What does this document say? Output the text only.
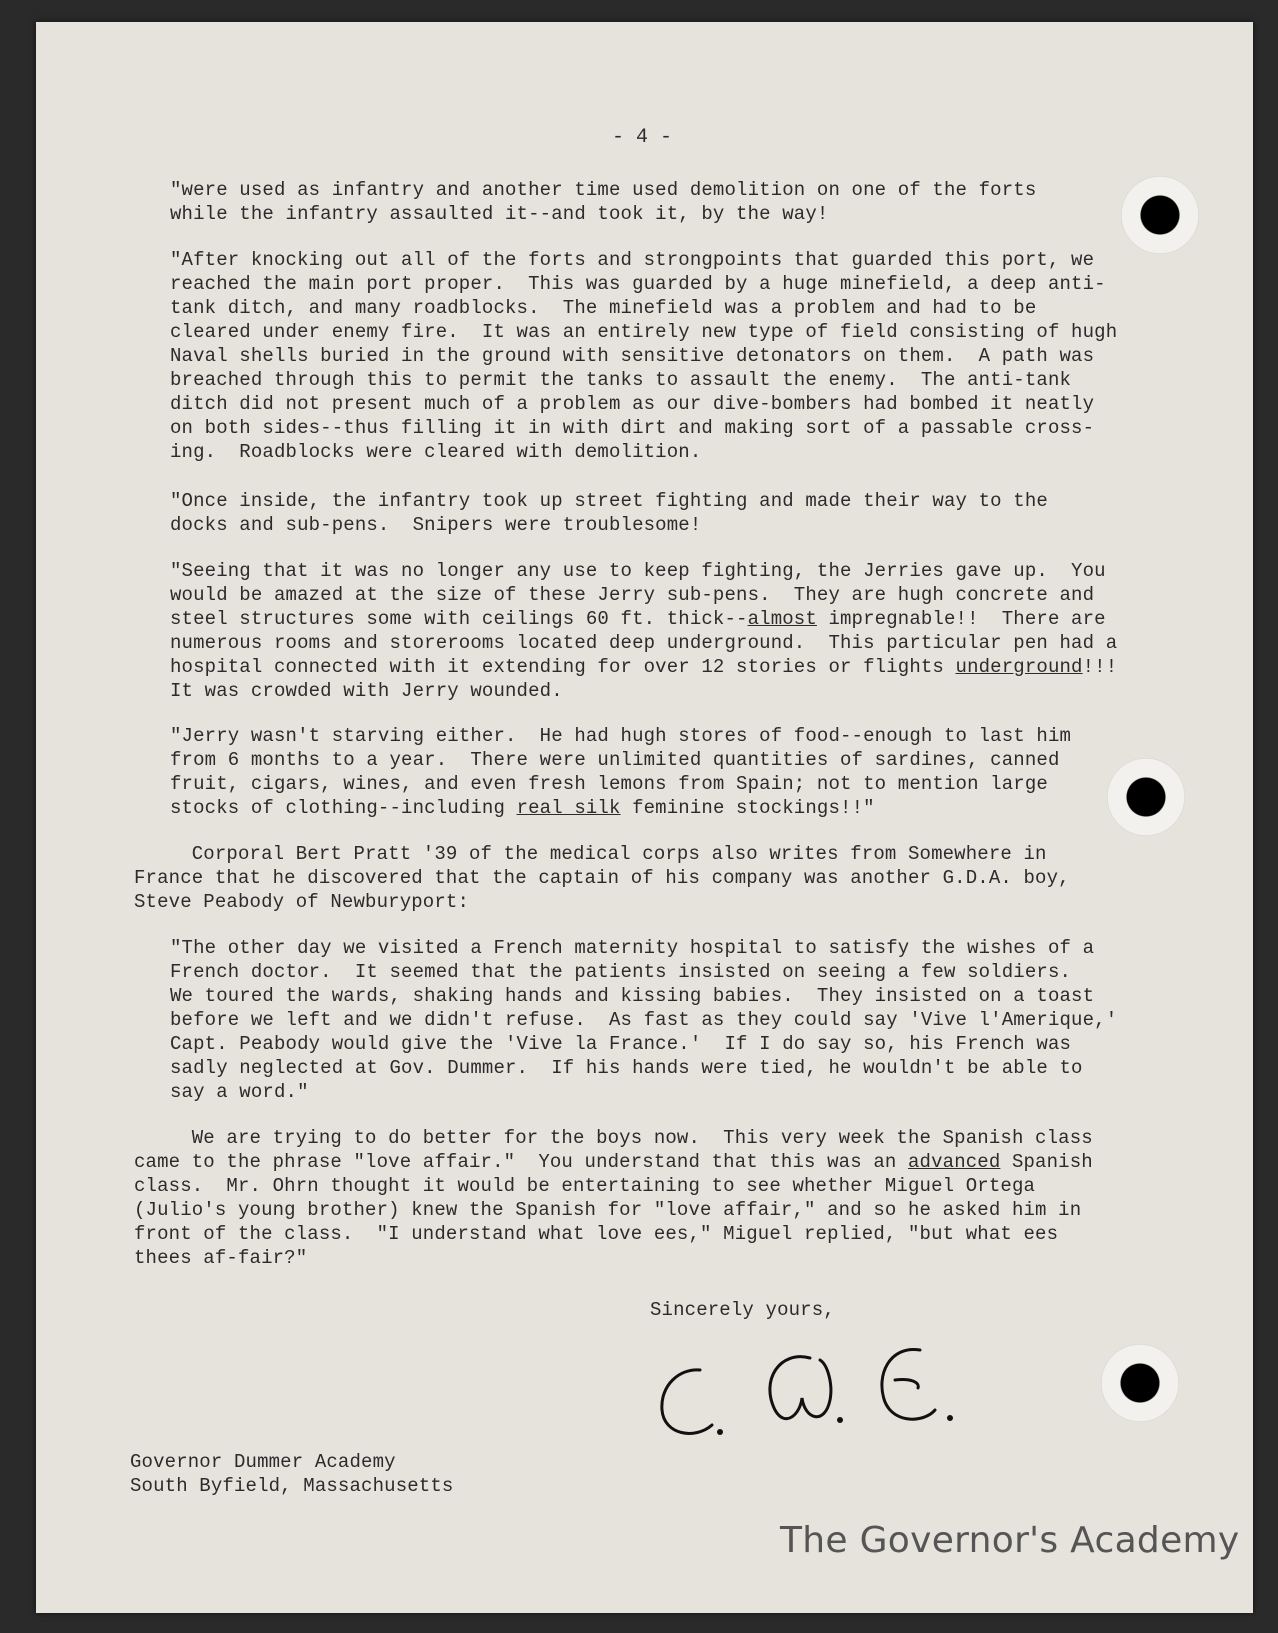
- 4 -
"were used as infantry and another time used demolition on one of the forts
while the infantry assaulted it--and took it, by the way!
"After knocking out all of the forts and strongpoints that guarded this port, we
reached the main port proper.  This was guarded by a huge minefield, a deep anti-
tank ditch, and many roadblocks.  The minefield was a problem and had to be
cleared under enemy fire.  It was an entirely new type of field consisting of hugh
Naval shells buried in the ground with sensitive detonators on them.  A path was
breached through this to permit the tanks to assault the enemy.  The anti-tank
ditch did not present much of a problem as our dive-bombers had bombed it neatly
on both sides--thus filling it in with dirt and making sort of a passable cross-
ing.  Roadblocks were cleared with demolition.
"Once inside, the infantry took up street fighting and made their way to the
docks and sub-pens.  Snipers were troublesome!
"Seeing that it was no longer any use to keep fighting, the Jerries gave up.  You
would be amazed at the size of these Jerry sub-pens.  They are hugh concrete and
steel structures some with ceilings 60 ft. thick--almost impregnable!!  There are
numerous rooms and storerooms located deep underground.  This particular pen had a
hospital connected with it extending for over 12 stories or flights underground!!!
It was crowded with Jerry wounded.
"Jerry wasn't starving either.  He had hugh stores of food--enough to last him
from 6 months to a year.  There were unlimited quantities of sardines, canned
fruit, cigars, wines, and even fresh lemons from Spain; not to mention large
stocks of clothing--including real silk feminine stockings!!"
Corporal Bert Pratt '39 of the medical corps also writes from Somewhere in
France that he discovered that the captain of his company was another G.D.A. boy,
Steve Peabody of Newburyport:
"The other day we visited a French maternity hospital to satisfy the wishes of a
French doctor.  It seemed that the patients insisted on seeing a few soldiers.
We toured the wards, shaking hands and kissing babies.  They insisted on a toast
before we left and we didn't refuse.  As fast as they could say 'Vive l'Amerique,'
Capt. Peabody would give the 'Vive la France.'  If I do say so, his French was
sadly neglected at Gov. Dummer.  If his hands were tied, he wouldn't be able to
say a word."
We are trying to do better for the boys now.  This very week the Spanish class
came to the phrase "love affair."  You understand that this was an advanced Spanish
class.  Mr. Ohrn thought it would be entertaining to see whether Miguel Ortega
(Julio's young brother) knew the Spanish for "love affair," and so he asked him in
front of the class.  "I understand what love ees," Miguel replied, "but what ees
thees af-fair?"
Sincerely yours,
Governor Dummer Academy
South Byfield, Massachusetts
The Governor's Academy
